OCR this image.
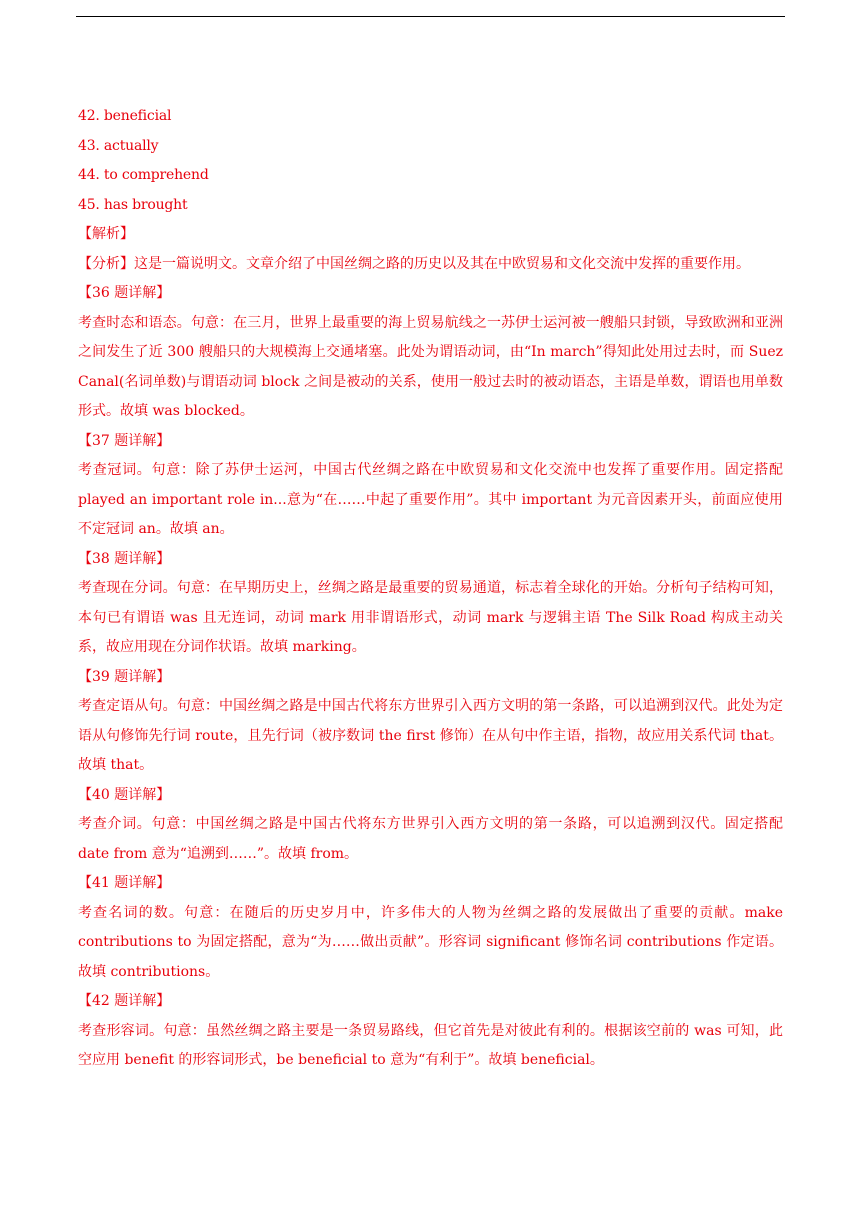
42. beneficial

43. actually

44. to comprehend

45. has brought

【解析】

【分析】这是一篇说明文。文章介绍了中国丝绸之路的历史以及其在中欧贸易和文化交流中发挥的重要作用。

【36 题详解】

考查时态和语态。句意：在三月，世界上最重要的海上贸易航线之一苏伊士运河被一艘船只封锁，导致欧洲和亚洲之间发生了近 300 艘船只的大规模海上交通堵塞。此处为谓语动词，由“In march”得知此处用过去时，而 Suez Canal(名词单数)与谓语动词 block 之间是被动的关系，使用一般过去时的被动语态，主语是单数，谓语也用单数形式。故填 was blocked。

【37 题详解】

考查冠词。句意：除了苏伊士运河，中国古代丝绸之路在中欧贸易和文化交流中也发挥了重要作用。固定搭配 played an important role in...意为“在……中起了重要作用”。其中 important 为元音因素开头，前面应使用不定冠词 an。故填 an。

【38 题详解】

考查现在分词。句意：在早期历史上，丝绸之路是最重要的贸易通道，标志着全球化的开始。分析句子结构可知，本句已有谓语 was 且无连词，动词 mark 用非谓语形式，动词 mark 与逻辑主语 The Silk Road 构成主动关系，故应用现在分词作状语。故填 marking。

【39 题详解】

考查定语从句。句意：中国丝绸之路是中国古代将东方世界引入西方文明的第一条路，可以追溯到汉代。此处为定语从句修饰先行词 route，且先行词（被序数词 the first 修饰）在从句中作主语，指物，故应用关系代词 that。故填 that。

【40 题详解】

考查介词。句意：中国丝绸之路是中国古代将东方世界引入西方文明的第一条路，可以追溯到汉代。固定搭配 date from 意为“追溯到……”。故填 from。

【41 题详解】

考查名词的数。句意：在随后的历史岁月中，许多伟大的人物为丝绸之路的发展做出了重要的贡献。make contributions to 为固定搭配，意为“为……做出贡献”。形容词 significant 修饰名词 contributions 作定语。故填 contributions。

【42 题详解】

考查形容词。句意：虽然丝绸之路主要是一条贸易路线，但它首先是对彼此有利的。根据该空前的 was 可知，此空应用 benefit 的形容词形式，be beneficial to 意为“有利于”。故填 beneficial。
